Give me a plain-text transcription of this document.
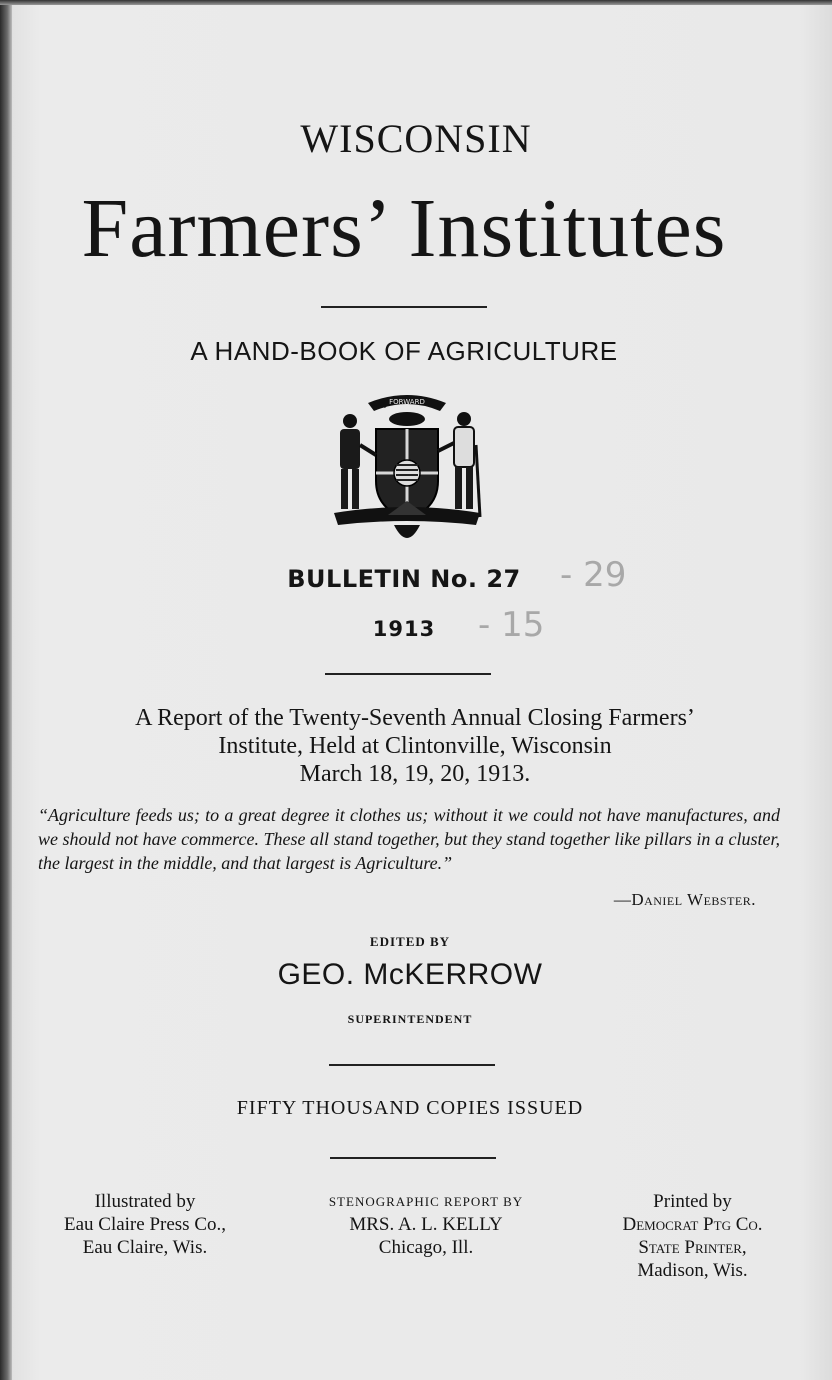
WISCONSIN
Farmers’ Institutes
A HAND-BOOK OF AGRICULTURE
FORWARD
BULLETIN No. 27
1913
- 29
- 15
A Report of the Twenty-Seventh Annual Closing Farmers’
Institute, Held at Clintonville, Wisconsin
March 18, 19, 20, 1913.
“Agriculture feeds us; to a great degree it clothes us; without it we could not have manufactures, and we should not have commerce. These all stand together, but they stand together like pillars in a cluster, the largest in the middle, and that largest is Agriculture.”
—Daniel Webster.
EDITED BY
GEO. McKERROW
SUPERINTENDENT
FIFTY THOUSAND COPIES ISSUED
Illustrated by
Eau Claire Press Co.,
Eau Claire, Wis.
STENOGRAPHIC REPORT BY
MRS. A. L. KELLY
Chicago, Ill.
Printed by
Democrat Ptg Co.
State Printer,
Madison, Wis.
